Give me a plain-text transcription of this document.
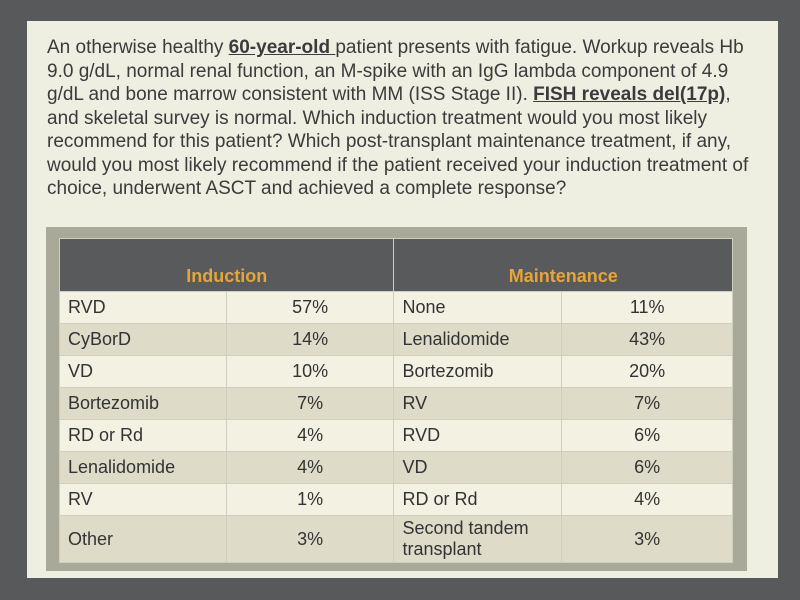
An otherwise healthy 60-year-old patient presents with fatigue. Workup reveals Hb 9.0 g/dL, normal renal function, an M-spike with an IgG lambda component of 4.9 g/dL and bone marrow consistent with MM (ISS Stage II). FISH reveals del(17p), and skeletal survey is normal. Which induction treatment would you most likely recommend for this patient? Which post-transplant maintenance treatment, if any, would you most likely recommend if the patient received your induction treatment of choice, underwent ASCT and achieved a complete response?

Induction		Maintenance	
RVD	57%	None	11%
CyBorD	14%	Lenalidomide	43%
VD	10%	Bortezomib	20%
Bortezomib	7%	RV	7%
RD or Rd	4%	RVD	6%
Lenalidomide	4%	VD	6%
RV	1%	RD or Rd	4%
Other	3%	Second tandem transplant	3%
